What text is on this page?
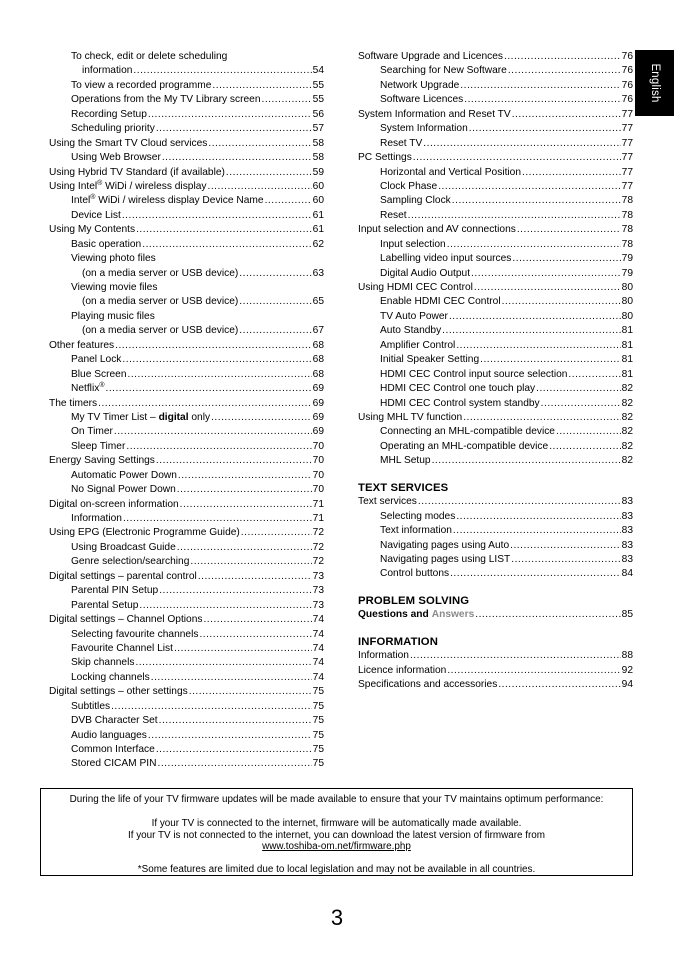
English
To check, edit or delete scheduling
information .....	54
To view a recorded programme .....	55
Operations from the My TV Library screen .....	55
Recording Setup .....	56
Scheduling priority .....	57
Using the Smart TV Cloud services .....	58
Using Web Browser .....	58
Using Hybrid TV Standard (if available) .....	59
Using Intel® WiDi / wireless display .....	60
Intel® WiDi / wireless display Device Name .....	60
Device List .....	61
Using My Contents .....	61
Basic operation .....	62
Viewing photo files
(on a media server or USB device) .....	63
Viewing movie files
(on a media server or USB device) .....	65
Playing music files
(on a media server or USB device) .....	67
Other features .....	68
Panel Lock .....	68
Blue Screen .....	68
Netflix® .....	69
The timers .....	69
My TV Timer List – digital only .....	69
On Timer .....	69
Sleep Timer .....	70
Energy Saving Settings .....	70
Automatic Power Down .....	70
No Signal Power Down .....	70
Digital on-screen information .....	71
Information .....	71
Using EPG (Electronic Programme Guide) .....	72
Using Broadcast Guide .....	72
Genre selection/searching .....	72
Digital settings – parental control .....	73
Parental PIN Setup .....	73
Parental Setup .....	73
Digital settings – Channel Options .....	74
Selecting favourite channels .....	74
Favourite Channel List .....	74
Skip channels .....	74
Locking channels .....	74
Digital settings – other settings .....	75
Subtitles .....	75
DVB Character Set .....	75
Audio languages .....	75
Common Interface .....	75
Stored CICAM PIN .....	75
Software Upgrade and Licences .....	76
Searching for New Software .....	76
Network Upgrade .....	76
Software Licences .....	76
System Information and Reset TV .....	77
System Information .....	77
Reset TV .....	77
PC Settings .....	77
Horizontal and Vertical Position .....	77
Clock Phase .....	77
Sampling Clock .....	78
Reset .....	78
Input selection and AV connections .....	78
Input selection .....	78
Labelling video input sources .....	79
Digital Audio Output .....	79
Using HDMI CEC Control .....	80
Enable HDMI CEC Control .....	80
TV Auto Power .....	80
Auto Standby .....	81
Amplifier Control .....	81
Initial Speaker Setting .....	81
HDMI CEC Control input source selection .....	81
HDMI CEC Control one touch play .....	82
HDMI CEC Control system standby .....	82
Using MHL TV function .....	82
Connecting an MHL-compatible device .....	82
Operating an MHL-compatible device .....	82
MHL Setup .....	82
TEXT SERVICES
Text services .....	83
Selecting modes .....	83
Text information .....	83
Navigating pages using Auto .....	83
Navigating pages using LIST .....	83
Control buttons .....	84
PROBLEM SOLVING
Questions and Answers .....	85
INFORMATION
Information .....	88
Licence information .....	92
Specifications and accessories .....	94
During the life of your TV firmware updates will be made available to ensure that your TV maintains optimum performance:
If your TV is connected to the internet, firmware will be automatically made available.
If your TV is not connected to the internet, you can download the latest version of firmware from
www.toshiba-om.net/firmware.php
*Some features are limited due to local legislation and may not be available in all countries.
3
